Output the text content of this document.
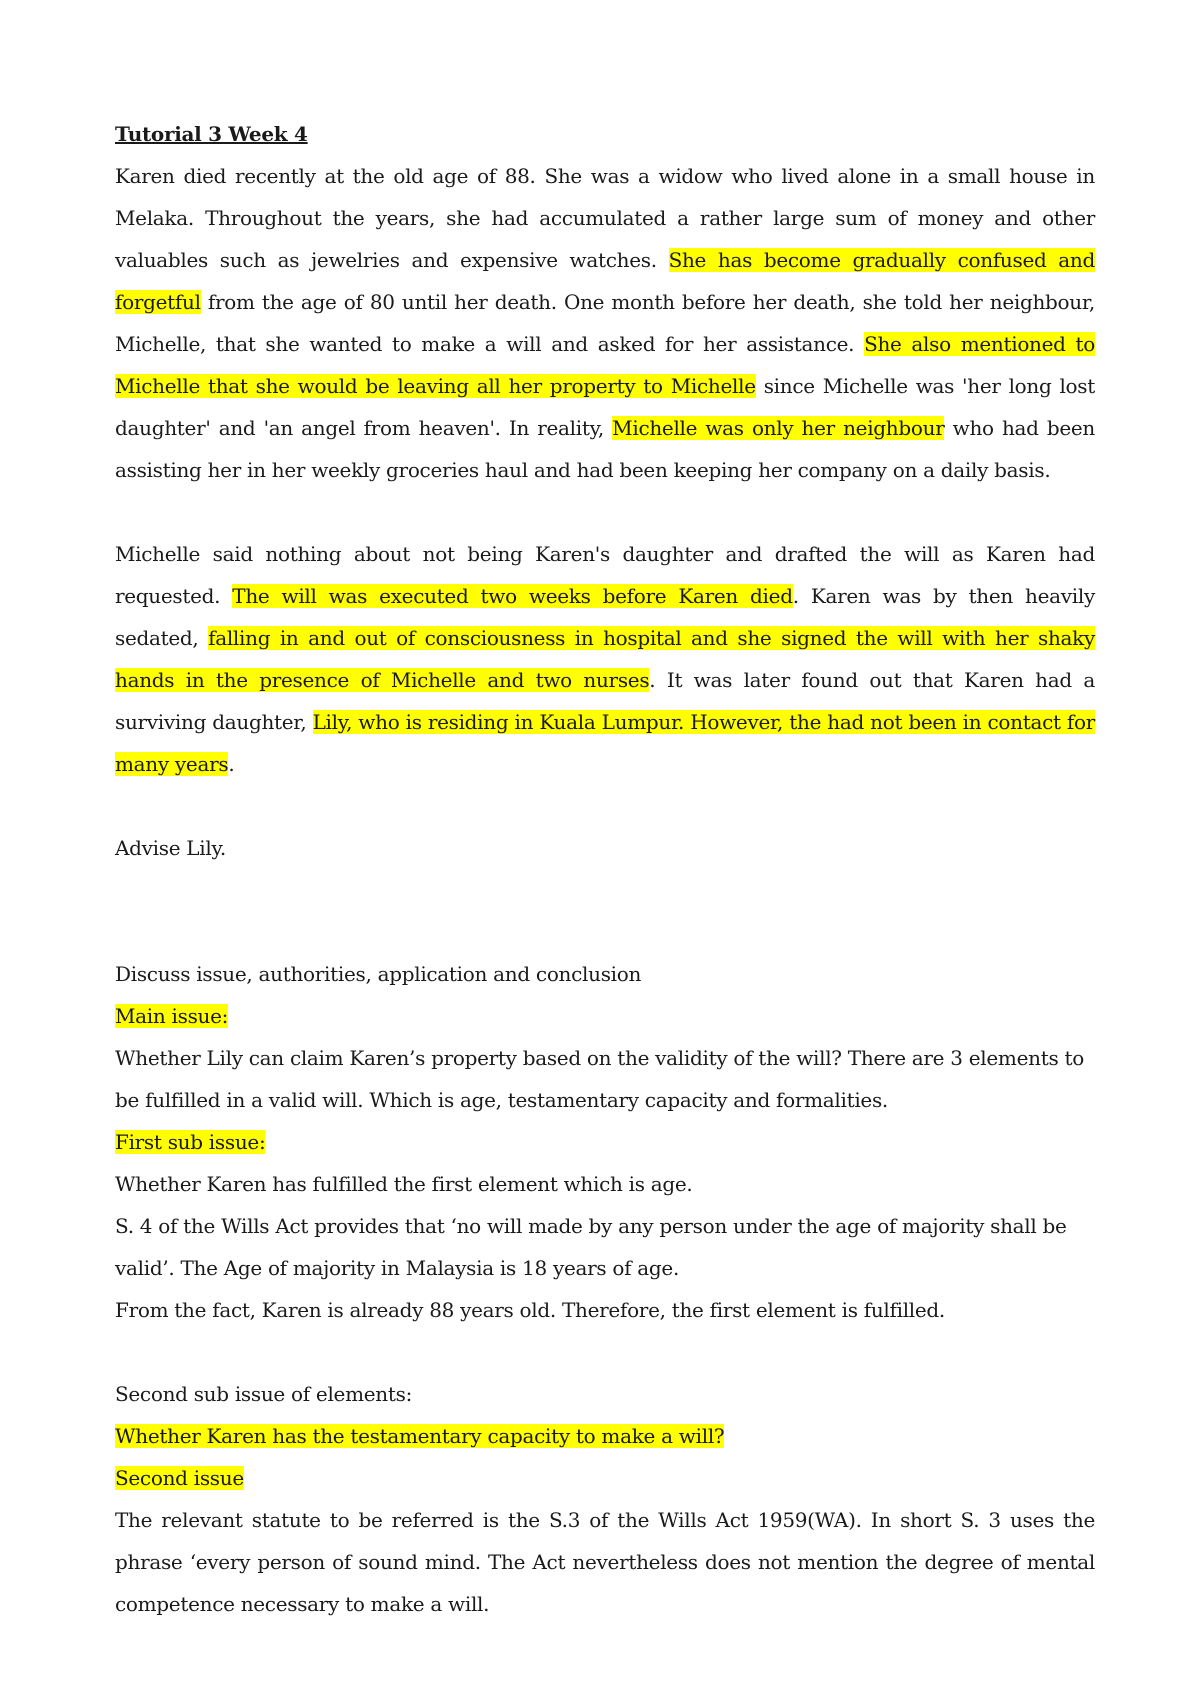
Tutorial 3 Week 4

Karen died recently at the old age of 88. She was a widow who lived alone in a small house in Melaka. Throughout the years, she had accumulated a rather large sum of money and other valuables such as jewelries and expensive watches. She has become gradually confused and forgetful from the age of 80 until her death. One month before her death, she told her neighbour, Michelle, that she wanted to make a will and asked for her assistance. She also mentioned to Michelle that she would be leaving all her property to Michelle since Michelle was 'her long lost daughter' and 'an angel from heaven'. In reality, Michelle was only her neighbour who had been assisting her in her weekly groceries haul and had been keeping her company on a daily basis.

Michelle said nothing about not being Karen's daughter and drafted the will as Karen had requested. The will was executed two weeks before Karen died. Karen was by then heavily sedated, falling in and out of consciousness in hospital and she signed the will with her shaky hands in the presence of Michelle and two nurses. It was later found out that Karen had a surviving daughter, Lily, who is residing in Kuala Lumpur. However, the had not been in contact for many years.

Advise Lily.

Discuss issue, authorities, application and conclusion

Main issue:

Whether Lily can claim Karen’s property based on the validity of the will? There are 3 elements to be fulfilled in a valid will. Which is age, testamentary capacity and formalities.

First sub issue:

Whether Karen has fulfilled the first element which is age.

S. 4 of the Wills Act provides that ‘no will made by any person under the age of majority shall be valid’. The Age of majority in Malaysia is 18 years of age.

From the fact, Karen is already 88 years old. Therefore, the first element is fulfilled.

Second sub issue of elements:

Whether Karen has the testamentary capacity to make a will?

Second issue

The relevant statute to be referred is the S.3 of the Wills Act 1959(WA). In short S. 3 uses the phrase ‘every person of sound mind. The Act nevertheless does not mention the degree of mental competence necessary to make a will.
